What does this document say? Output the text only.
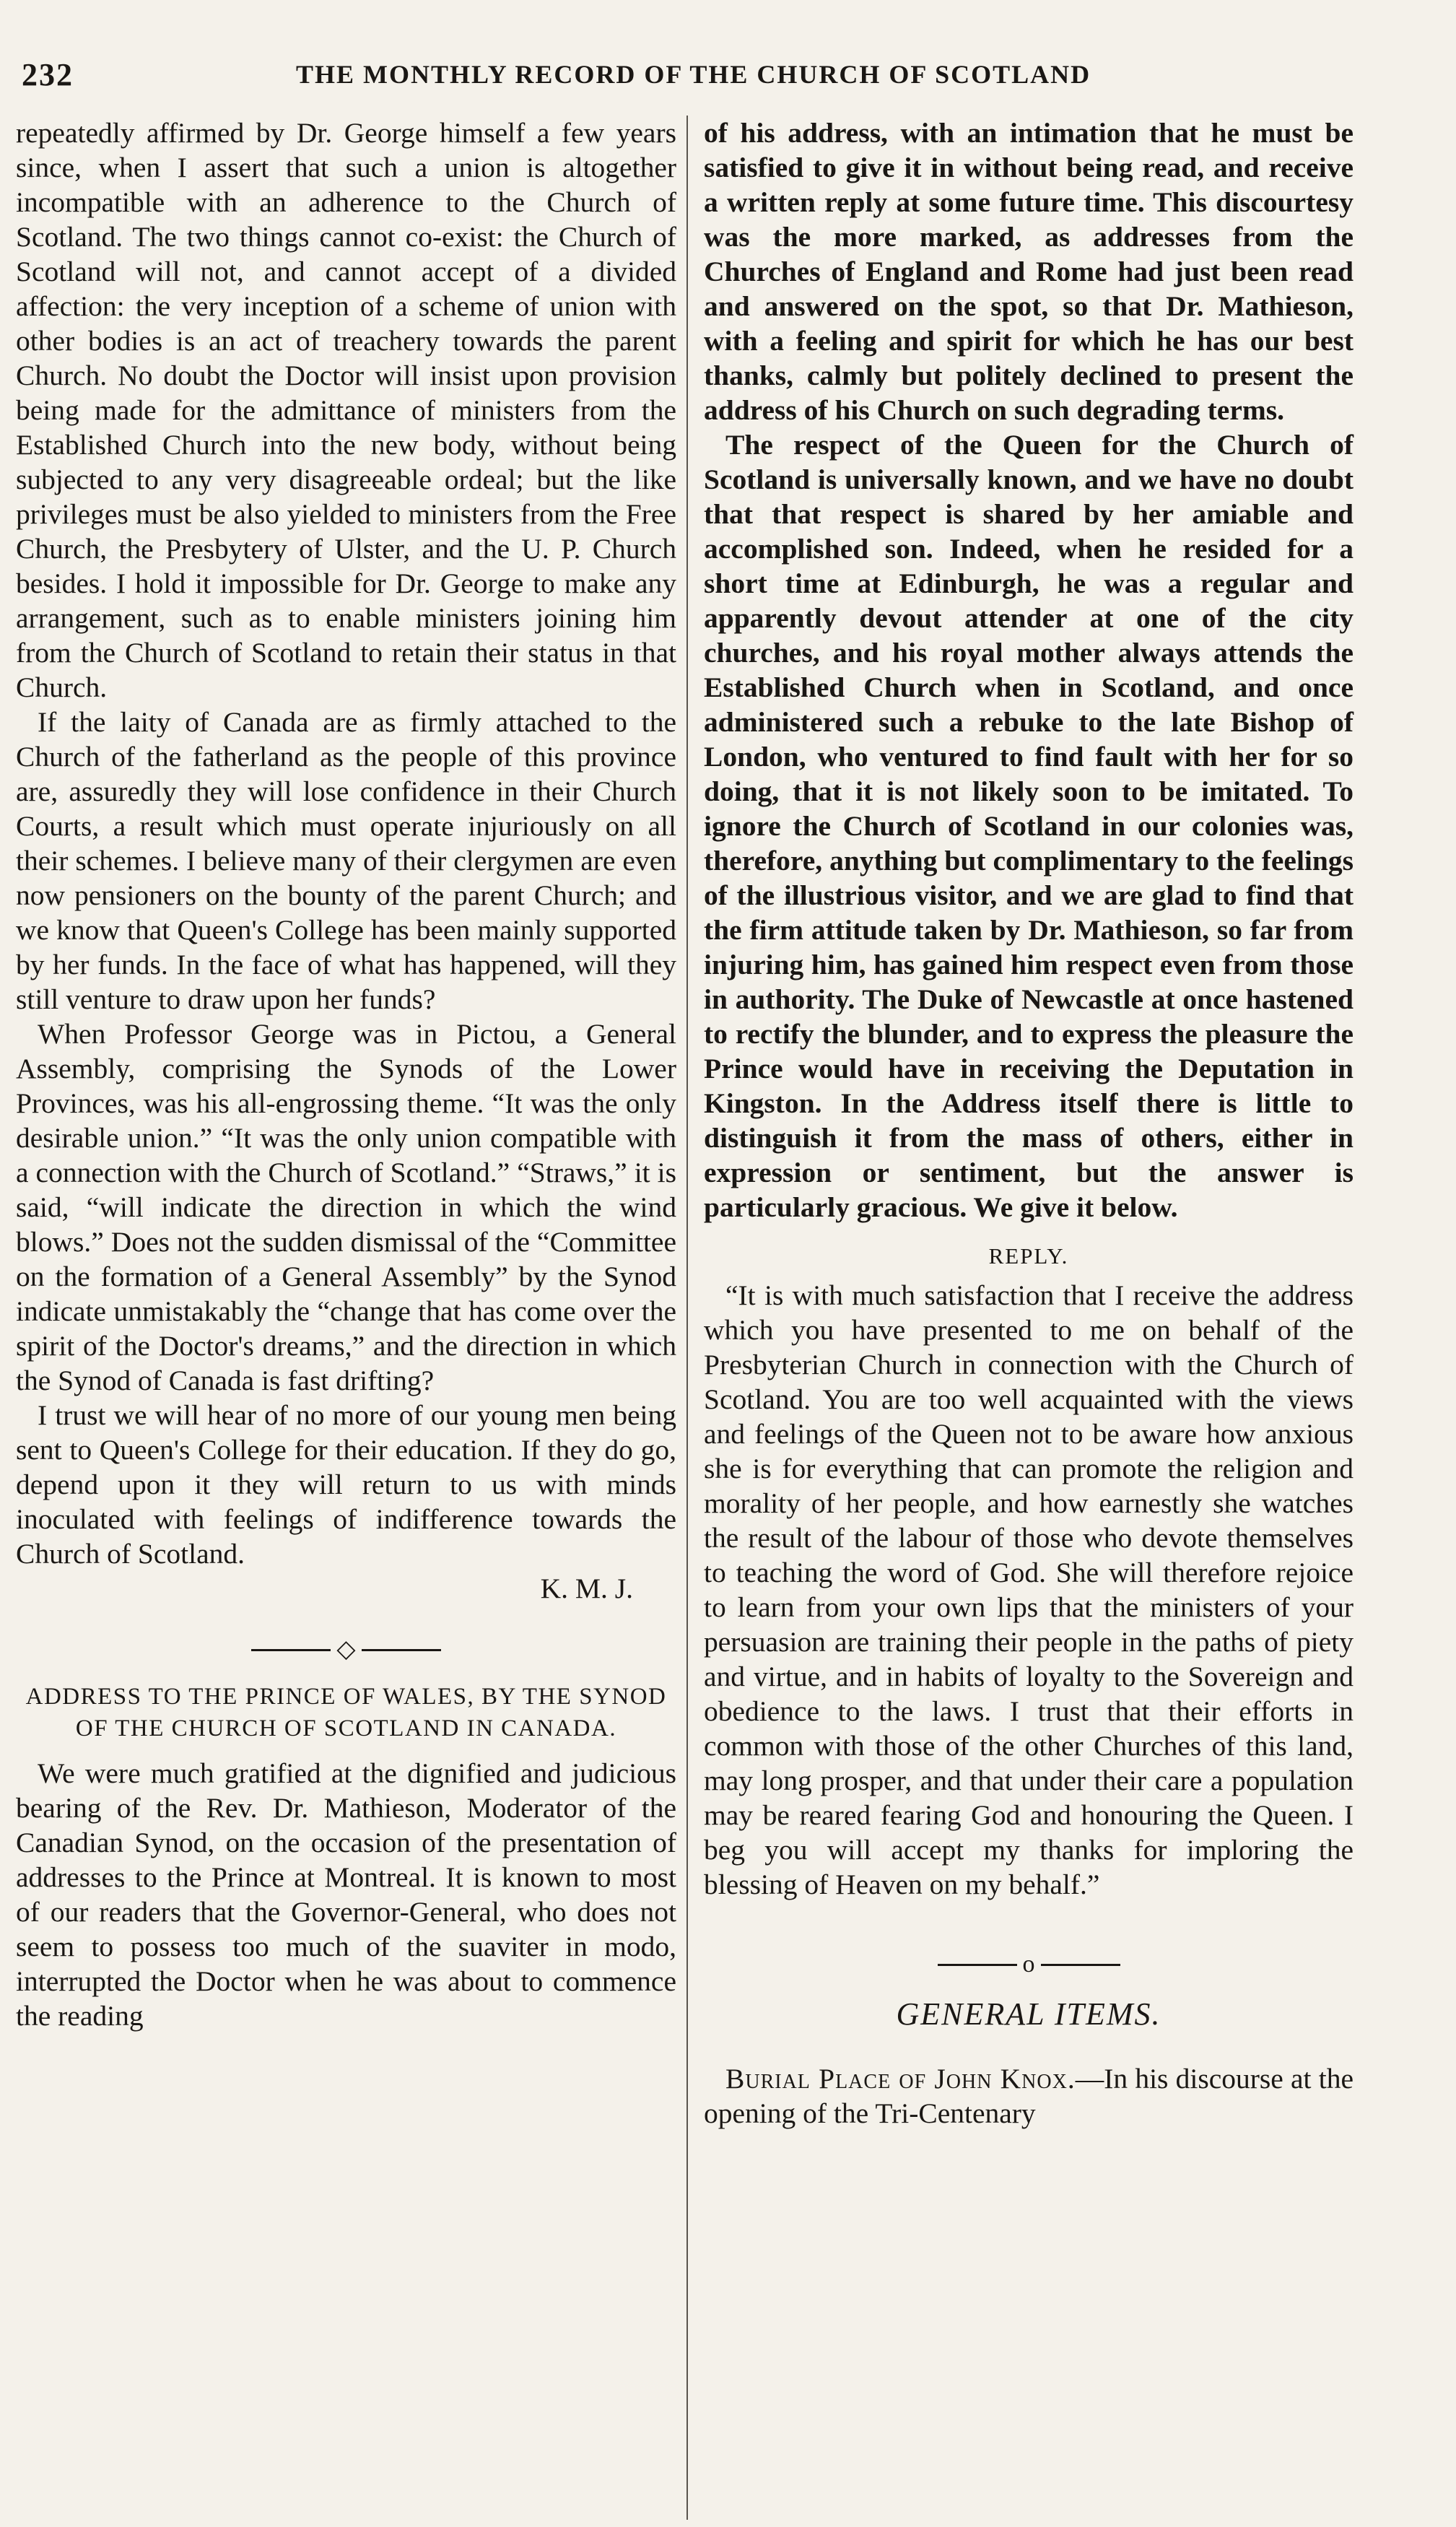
232	THE MONTHLY RECORD OF THE CHURCH OF SCOTLAND

repeatedly affirmed by Dr. George himself a few years since, when I assert that such a union is altogether incompatible with an adherence to the Church of Scotland. The two things cannot co-exist: the Church of Scotland will not, and cannot accept of a divided affection: the very inception of a scheme of union with other bodies is an act of treachery towards the parent Church. No doubt the Doctor will insist upon provision being made for the admittance of ministers from the Established Church into the new body, without being subjected to any very disagreeable ordeal; but the like privileges must be also yielded to ministers from the Free Church, the Presbytery of Ulster, and the U. P. Church besides. I hold it impossible for Dr. George to make any arrangement, such as to enable ministers joining him from the Church of Scotland to retain their status in that Church.

If the laity of Canada are as firmly attached to the Church of the fatherland as the people of this province are, assuredly they will lose confidence in their Church Courts, a result which must operate injuriously on all their schemes. I believe many of their clergymen are even now pensioners on the bounty of the parent Church; and we know that Queen's College has been mainly supported by her funds. In the face of what has happened, will they still venture to draw upon her funds?

When Professor George was in Pictou, a General Assembly, comprising the Synods of the Lower Provinces, was his all-engrossing theme. “It was the only desirable union.” “It was the only union compatible with a connection with the Church of Scotland.” “Straws,” it is said, “will indicate the direction in which the wind blows.” Does not the sudden dismissal of the “Committee on the formation of a General Assembly” by the Synod indicate unmistakably the “change that has come over the spirit of the Doctor's dreams,” and the direction in which the Synod of Canada is fast drifting?

I trust we will hear of no more of our young men being sent to Queen's College for their education. If they do go, depend upon it they will return to us with minds inoculated with feelings of indifference towards the Church of Scotland.

K. M. J.
◇
ADDRESS TO THE PRINCE OF WALES, BY THE SYNOD OF THE CHURCH OF SCOTLAND IN CANADA.

We were much gratified at the dignified and judicious bearing of the Rev. Dr. Mathieson, Moderator of the Canadian Synod, on the occasion of the presentation of addresses to the Prince at Montreal. It is known to most of our readers that the Governor-General, who does not seem to possess too much of the suaviter in modo, interrupted the Doctor when he was about to commence the reading

of his address, with an intimation that he must be satisfied to give it in without being read, and receive a written reply at some future time. This discourtesy was the more marked, as addresses from the Churches of England and Rome had just been read and answered on the spot, so that Dr. Mathieson, with a feeling and spirit for which he has our best thanks, calmly but politely declined to present the address of his Church on such degrading terms.

The respect of the Queen for the Church of Scotland is universally known, and we have no doubt that that respect is shared by her amiable and accomplished son. Indeed, when he resided for a short time at Edinburgh, he was a regular and apparently devout attender at one of the city churches, and his royal mother always attends the Established Church when in Scotland, and once administered such a rebuke to the late Bishop of London, who ventured to find fault with her for so doing, that it is not likely soon to be imitated. To ignore the Church of Scotland in our colonies was, therefore, anything but complimentary to the feelings of the illustrious visitor, and we are glad to find that the firm attitude taken by Dr. Mathieson, so far from injuring him, has gained him respect even from those in authority. The Duke of Newcastle at once hastened to rectify the blunder, and to express the pleasure the Prince would have in receiving the Deputation in Kingston. In the Address itself there is little to distinguish it from the mass of others, either in expression or sentiment, but the answer is particularly gracious. We give it below.

REPLY.

“It is with much satisfaction that I receive the address which you have presented to me on behalf of the Presbyterian Church in connection with the Church of Scotland. You are too well acquainted with the views and feelings of the Queen not to be aware how anxious she is for everything that can promote the religion and morality of her people, and how earnestly she watches the result of the labour of those who devote themselves to teaching the word of God. She will therefore rejoice to learn from your own lips that the ministers of your persuasion are training their people in the paths of piety and virtue, and in habits of loyalty to the Sovereign and obedience to the laws. I trust that their efforts in common with those of the other Churches of this land, may long prosper, and that under their care a population may be reared fearing God and honouring the Queen. I beg you will accept my thanks for imploring the blessing of Heaven on my behalf.”

o
GENERAL ITEMS.

Burial Place of John Knox.—In his discourse at the opening of the Tri-Centenary
